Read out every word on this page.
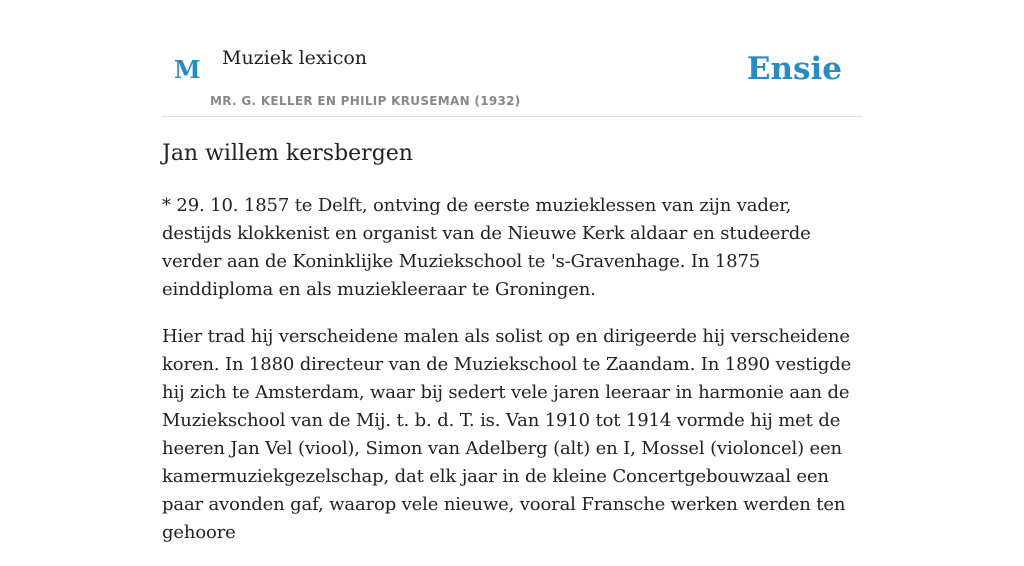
M Muziek lexicon
MR. G. KELLER EN PHILIP KRUSEMAN (1932)
Ensie
Jan willem kersbergen

* 29. 10. 1857 te Delft, ontving de eerste muzieklessen van zijn vader, destijds klokkenist en organist van de Nieuwe Kerk aldaar en studeerde verder aan de Koninklijke Muziekschool te 's-Gravenhage. In 1875 einddiploma en als muziekleeraar te Groningen.

Hier trad hij verscheidene malen als solist op en dirigeerde hij verscheidene koren. In 1880 directeur van de Muziekschool te Zaandam. In 1890 vestigde hij zich te Amsterdam, waar bij sedert vele jaren leeraar in harmonie aan de Muziekschool van de Mij. t. b. d. T. is. Van 1910 tot 1914 vormde hij met de heeren Jan Vel (viool), Simon van Adelberg (alt) en I, Mossel (violoncel) een kamermuziekgezelschap, dat elk jaar in de kleine Concertgebouwzaal een paar avonden gaf, waarop vele nieuwe, vooral Fransche werken werden ten gehoore
